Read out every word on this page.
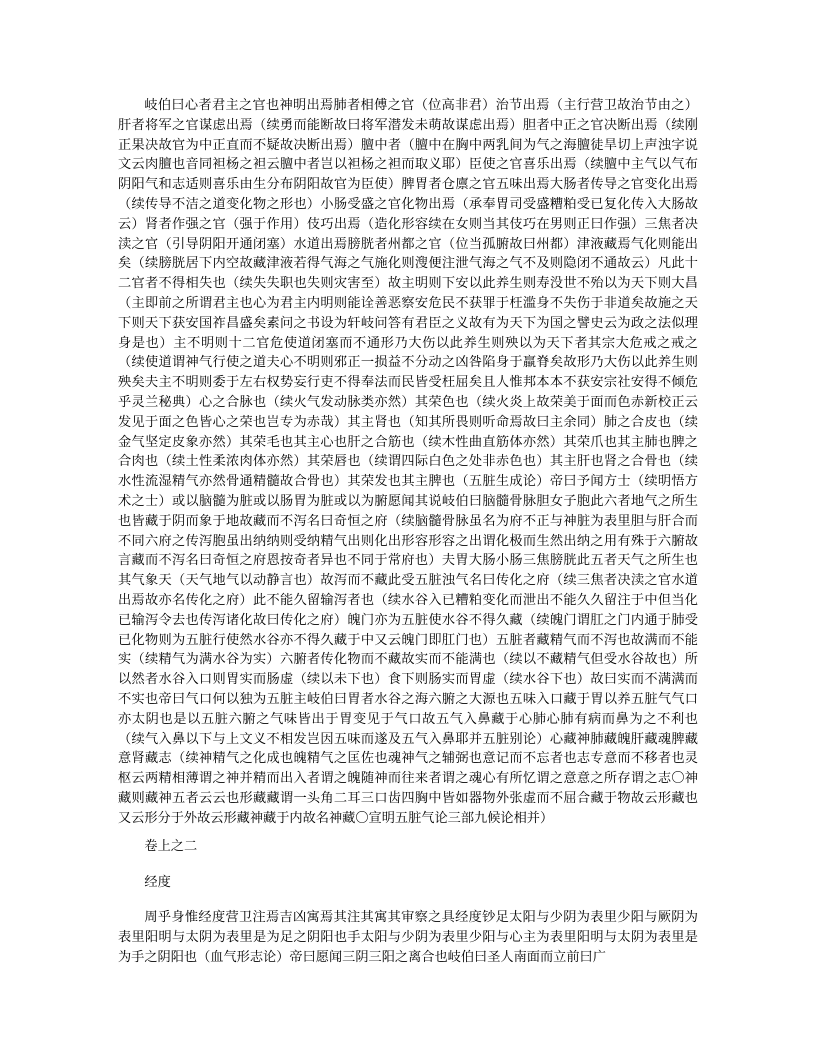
岐伯曰心者君主之官也神明出焉肺者相傅之官（位高非君）治节出焉（主行营卫故治节由之）肝者将军之官谋虑出焉（续勇而能断故曰将军潜发未萌故谋虑出焉）胆者中正之官决断出焉（续刚正果决故官为中正直而不疑故决断出焉）膻中者（膻中在胸中两乳间为气之海膻徒旱切上声浊字说文云肉膻也音同袒杨之袒云膻中者岂以袒杨之袒而取义耶）臣使之官喜乐出焉（续膻中主气以气布阴阳气和志适则喜乐由生分布阴阳故官为臣使）脾胃者仓廪之官五味出焉大肠者传导之官变化出焉（续传导不洁之道变化物之形也）小肠受盛之官化物出焉（承奉胃司受盛糟粕受已复化传入大肠故云）肾者作强之官（强于作用）伎巧出焉（造化形容续在女则当其伎巧在男则正曰作强）三焦者决渎之官（引导阴阳开通闭塞）水道出焉膀胱者州都之官（位当孤腑故曰州都）津液藏焉气化则能出矣（续膀胱居下内空故藏津液若得气海之气施化则溲便注泄气海之气不及则隐闭不通故云）凡此十二官者不得相失也（续失失职也失则灾害至）故主明则下安以此养生则寿没世不殆以为天下则大昌（主即前之所谓君主也心为君主内明则能诠善恶察安危民不获罪于枉滥身不失伤于非道矣故施之天下则天下获安国祚昌盛矣素问之书设为轩岐问答有君臣之义故有为天下为国之譬史云为政之法似理身是也）主不明则十二官危使道闭塞而不通形乃大伤以此养生则殃以为天下者其宗大危戒之戒之（续使道谓神气行使之道夫心不明则邪正一损益不分动之凶咎陷身于羸脊矣故形乃大伤以此养生则殃矣夫主不明则委于左右权势妄行吏不得奉法而民皆受枉屈矣且人惟邦本本不获安宗社安得不倾危乎灵兰秘典）心之合脉也（续火气发动脉类亦然）其荣色也（续火炎上故荣美于面而色赤新校正云发见于面之色皆心之荣也岂专为赤哉）其主肾也（知其所畏则听命焉故曰主余同）肺之合皮也（续金气坚定皮象亦然）其荣毛也其主心也肝之合筋也（续木性曲直筋体亦然）其荣爪也其主肺也脾之合肉也（续土性柔浓肉体亦然）其荣唇也（续谓四际白色之处非赤色也）其主肝也肾之合骨也（续水性流湿精气亦然骨通精髓故合骨也）其荣发也其主脾也（五脏生成论）帝曰予闻方士（续明悟方术之士）或以脑髓为脏或以肠胃为脏或以为腑愿闻其说岐伯曰脑髓骨脉胆女子胞此六者地气之所生也皆藏于阴而象于地故藏而不泻名曰奇恒之府（续脑髓骨脉虽名为府不正与神脏为表里胆与肝合而不同六府之传泻胞虽出纳纳则受纳精气出则化出形容形容之出谓化极而生然出纳之用有殊于六腑故言藏而不泻名曰奇恒之府恩按奇者异也不同于常府也）夫胃大肠小肠三焦膀胱此五者天气之所生也其气象天（天气地气以动静言也）故泻而不藏此受五脏浊气名曰传化之府（续三焦者决渎之官水道出焉故亦名传化之府）此不能久留输泻者也（续水谷入已糟粕变化而泄出不能久久留注于中但当化已输泻令去也传泻诸化故曰传化之府）魄门亦为五脏使水谷不得久藏（续魄门谓肛之门内通于肺受已化物则为五脏行使然水谷亦不得久藏于中又云魄门即肛门也）五脏者藏精气而不泻也故满而不能实（续精气为满水谷为实）六腑者传化物而不藏故实而不能满也（续以不藏精气但受水谷故也）所以然者水谷入口则胃实而肠虚（续以未下也）食下则肠实而胃虚（续水谷下也）故曰实而不满满而不实也帝曰气口何以独为五脏主岐伯曰胃者水谷之海六腑之大源也五味入口藏于胃以养五脏气气口亦太阴也是以五脏六腑之气味皆出于胃变见于气口故五气入鼻藏于心肺心肺有病而鼻为之不利也（续气入鼻以下与上文义不相发岂因五味而遂及五气入鼻耶并五脏别论）心藏神肺藏魄肝藏魂脾藏意肾藏志（续神精气之化成也魄精气之匡佐也魂神气之辅弼也意记而不忘者也志专意而不移者也灵枢云两精相薄谓之神并精而出入者谓之魄随神而往来者谓之魂心有所忆谓之意意之所存谓之志〇神藏则藏神五者云云也形藏藏谓一头角二耳三口齿四胸中皆如器物外张虚而不屈合藏于物故云形藏也又云形分于外故云形藏神藏于内故名神藏〇宣明五脏气论三部九候论相并）

卷上之二

经度

周乎身惟经度营卫注焉吉凶寓焉其注其寓其审察之具经度钞足太阳与少阴为表里少阳与厥阴为表里阳明与太阴为表里是为足之阴阳也手太阳与少阴为表里少阳与心主为表里阳明与太阴为表里是为手之阴阳也（血气形志论）帝曰愿闻三阴三阳之离合也岐伯曰圣人南面而立前曰广
